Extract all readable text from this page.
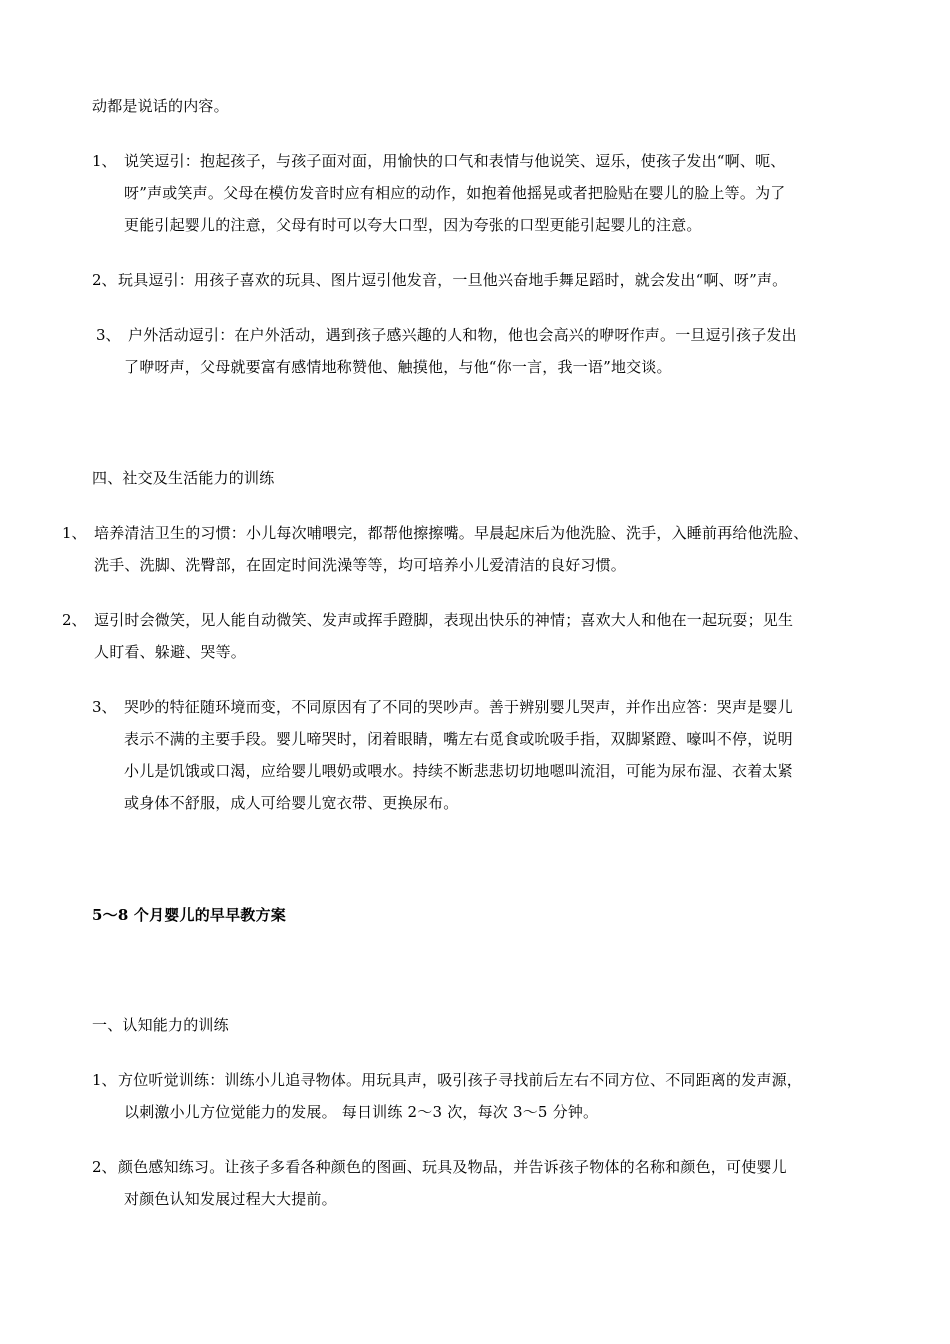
动都是说话的内容。
1、 说笑逗引：抱起孩子，与孩子面对面，用愉快的口气和表情与他说笑、逗乐，使孩子发出“啊、呃、
呀”声或笑声。父母在模仿发音时应有相应的动作，如抱着他摇晃或者把脸贴在婴儿的脸上等。为了
更能引起婴儿的注意，父母有时可以夸大口型，因为夸张的口型更能引起婴儿的注意。
2、 玩具逗引：用孩子喜欢的玩具、图片逗引他发音，一旦他兴奋地手舞足蹈时，就会发出“啊、呀”声。
3、 户外活动逗引：在户外活动，遇到孩子感兴趣的人和物，他也会高兴的咿呀作声。一旦逗引孩子发出
了咿呀声，父母就要富有感情地称赞他、触摸他，与他“你一言，我一语”地交谈。
四、社交及生活能力的训练
1、 培养清洁卫生的习惯：小儿每次哺喂完，都帮他擦擦嘴。早晨起床后为他洗脸、洗手，入睡前再给他洗脸、
洗手、洗脚、洗臀部，在固定时间洗澡等等，均可培养小儿爱清洁的良好习惯。
2、 逗引时会微笑，见人能自动微笑、发声或挥手蹬脚，表现出快乐的神情；喜欢大人和他在一起玩耍；见生
人盯看、躲避、哭等。
3、 哭吵的特征随环境而变，不同原因有了不同的哭吵声。善于辨别婴儿哭声，并作出应答：哭声是婴儿
表示不满的主要手段。婴儿啼哭时，闭着眼睛，嘴左右觅食或吮吸手指，双脚紧蹬、嚎叫不停，说明
小儿是饥饿或口渴，应给婴儿喂奶或喂水。持续不断悲悲切切地嗯叫流泪，可能为尿布湿、衣着太紧
或身体不舒服，成人可给婴儿宽衣带、更换尿布。
5～8 个月婴儿的早早教方案
一、认知能力的训练
1、 方位听觉训练：训练小儿追寻物体。用玩具声，吸引孩子寻找前后左右不同方位、不同距离的发声源，
以刺激小儿方位觉能力的发展。 每日训练 2～3 次，每次 3～5 分钟。
2、 颜色感知练习。让孩子多看各种颜色的图画、玩具及物品，并告诉孩子物体的名称和颜色，可使婴儿
对颜色认知发展过程大大提前。
